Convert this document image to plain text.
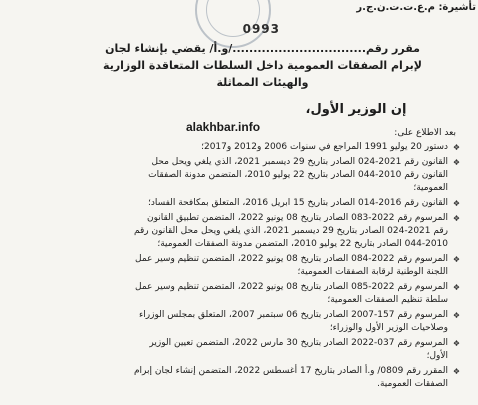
تأشيرة: م.ع.ت.ت.ن.ج.ر
0993
مقرر رقم................................/و.أ/ يقضي بإنشاء لجان لإبرام الصفقات العمومية داخل السلطات المتعاقدة الوزارية والهيئات المماثلة
إن الوزير الأول،
alakhbar.info	بعد الاطلاع على:
❖ دستور 20 يوليو 1991 المراجع في سنوات 2006 و2012 و2017؛
❖ القانون رقم 2021-024 الصادر بتاريخ 29 ديسمبر 2021، الذي يلغي ويحل محل القانون رقم 2010-044 الصادر بتاريخ 22 يوليو 2010، المتضمن مدونة الصفقات العمومية؛
❖ القانون رقم 2016-014 الصادر بتاريخ 15 ابريل 2016، المتعلق بمكافحة الفساد؛
❖ المرسوم رقم 2022-083 الصادر بتاريخ 08 يونيو 2022، المتضمن تطبيق القانون رقم 2021-024 الصادر بتاريخ 29 ديسمبر 2021، الذي يلغي ويحل محل القانون رقم 2010-044 الصادر بتاريخ 22 يوليو 2010، المتضمن مدونة الصفقات العمومية؛
❖ المرسوم رقم 2022-084 الصادر بتاريخ 08 يونيو 2022، المتضمن تنظيم وسير عمل اللجنة الوطنية لرقابة الصفقات العمومية؛
❖ المرسوم رقم 2022-085 الصادر بتاريخ 08 يونيو 2022، المتضمن تنظيم وسير عمل سلطة تنظيم الصفقات العمومية؛
❖ المرسوم رقم 157-2007 الصادر بتاريخ 06 سبتمبر 2007، المتعلق بمجلس الوزراء وصلاحيات الوزير الأول والوزراء؛
❖ المرسوم رقم 037-2022 الصادر بتاريخ 30 مارس 2022، المتضمن تعيين الوزير الأول؛
❖ المقرر رقم 0809/ و.أ الصادر بتاريخ 17 أغسطس 2022، المتضمن إنشاء لجان إبرام الصفقات العمومية.
